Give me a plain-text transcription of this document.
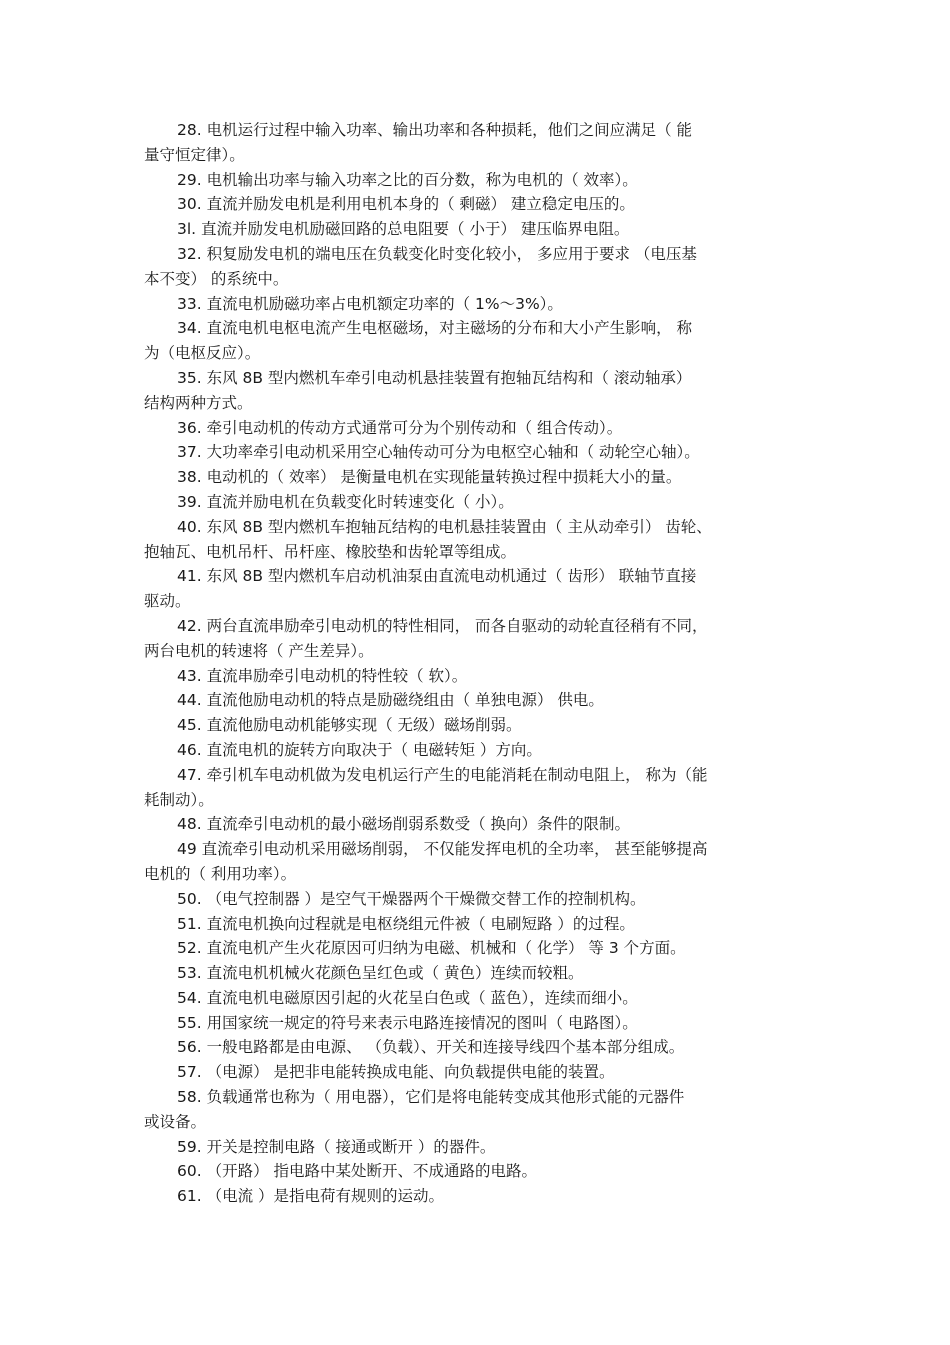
28. 电机运行过程中输入功率、输出功率和各种损耗，他们之间应满足（ 能

量守恒定律）。

29. 电机输出功率与输入功率之比的百分数，称为电机的（ 效率）。

30. 直流并励发电机是利用电机本身的（ 剩磁） 建立稳定电压的。

3l. 直流并励发电机励磁回路的总电阻要（ 小于） 建压临界电阻。

32. 积复励发电机的端电压在负载变化时变化较小， 多应用于要求 （电压基

本不变） 的系统中。

33. 直流电机励磁功率占电机额定功率的（ 1%～3%）。

34. 直流电机电枢电流产生电枢磁场，对主磁场的分布和大小产生影响， 称

为（电枢反应）。

35. 东风 8B 型内燃机车牵引电动机悬挂装置有抱轴瓦结构和（ 滚动轴承）

结构两种方式。

36. 牵引电动机的传动方式通常可分为个别传动和（ 组合传动）。

37. 大功率牵引电动机采用空心轴传动可分为电枢空心轴和（ 动轮空心轴）。

38. 电动机的（ 效率） 是衡量电机在实现能量转换过程中损耗大小的量。

39. 直流并励电机在负载变化时转速变化（ 小）。

40. 东风 8B 型内燃机车抱轴瓦结构的电机悬挂装置由（ 主从动牵引） 齿轮、

抱轴瓦、电机吊杆、吊杆座、橡胶垫和齿轮罩等组成。

41. 东风 8B 型内燃机车启动机油泵由直流电动机通过（ 齿形） 联轴节直接

驱动。

42. 两台直流串励牵引电动机的特性相同， 而各自驱动的动轮直径稍有不同，

两台电机的转速将（ 产生差异）。

43. 直流串励牵引电动机的特性较（ 软）。

44. 直流他励电动机的特点是励磁绕组由（ 单独电源） 供电。

45. 直流他励电动机能够实现（ 无级）磁场削弱。

46. 直流电机的旋转方向取决于（ 电磁转矩 ）方向。

47. 牵引机车电动机做为发电机运行产生的电能消耗在制动电阻上， 称为（能

耗制动）。

48. 直流牵引电动机的最小磁场削弱系数受（ 换向）条件的限制。

49 直流牵引电动机采用磁场削弱， 不仅能发挥电机的全功率， 甚至能够提高

电机的（ 利用功率）。

50. （电气控制器 ）是空气干燥器两个干燥微交替工作的控制机构。

51. 直流电机换向过程就是电枢绕组元件被（ 电刷短路 ）的过程。

52. 直流电机产生火花原因可归纳为电磁、机械和（ 化学） 等 3 个方面。

53. 直流电机机械火花颜色呈红色或（ 黄色）连续而较粗。

54. 直流电机电磁原因引起的火花呈白色或（ 蓝色），连续而细小。

55. 用国家统一规定的符号来表示电路连接情况的图叫（ 电路图）。

56. 一般电路都是由电源、 （负载）、开关和连接导线四个基本部分组成。

57. （电源） 是把非电能转换成电能、向负载提供电能的装置。

58. 负载通常也称为（ 用电器），它们是将电能转变成其他形式能的元器件

或设备。

59. 开关是控制电路（ 接通或断开 ）的器件。

60. （开路） 指电路中某处断开、不成通路的电路。

61. （电流 ）是指电荷有规则的运动。
